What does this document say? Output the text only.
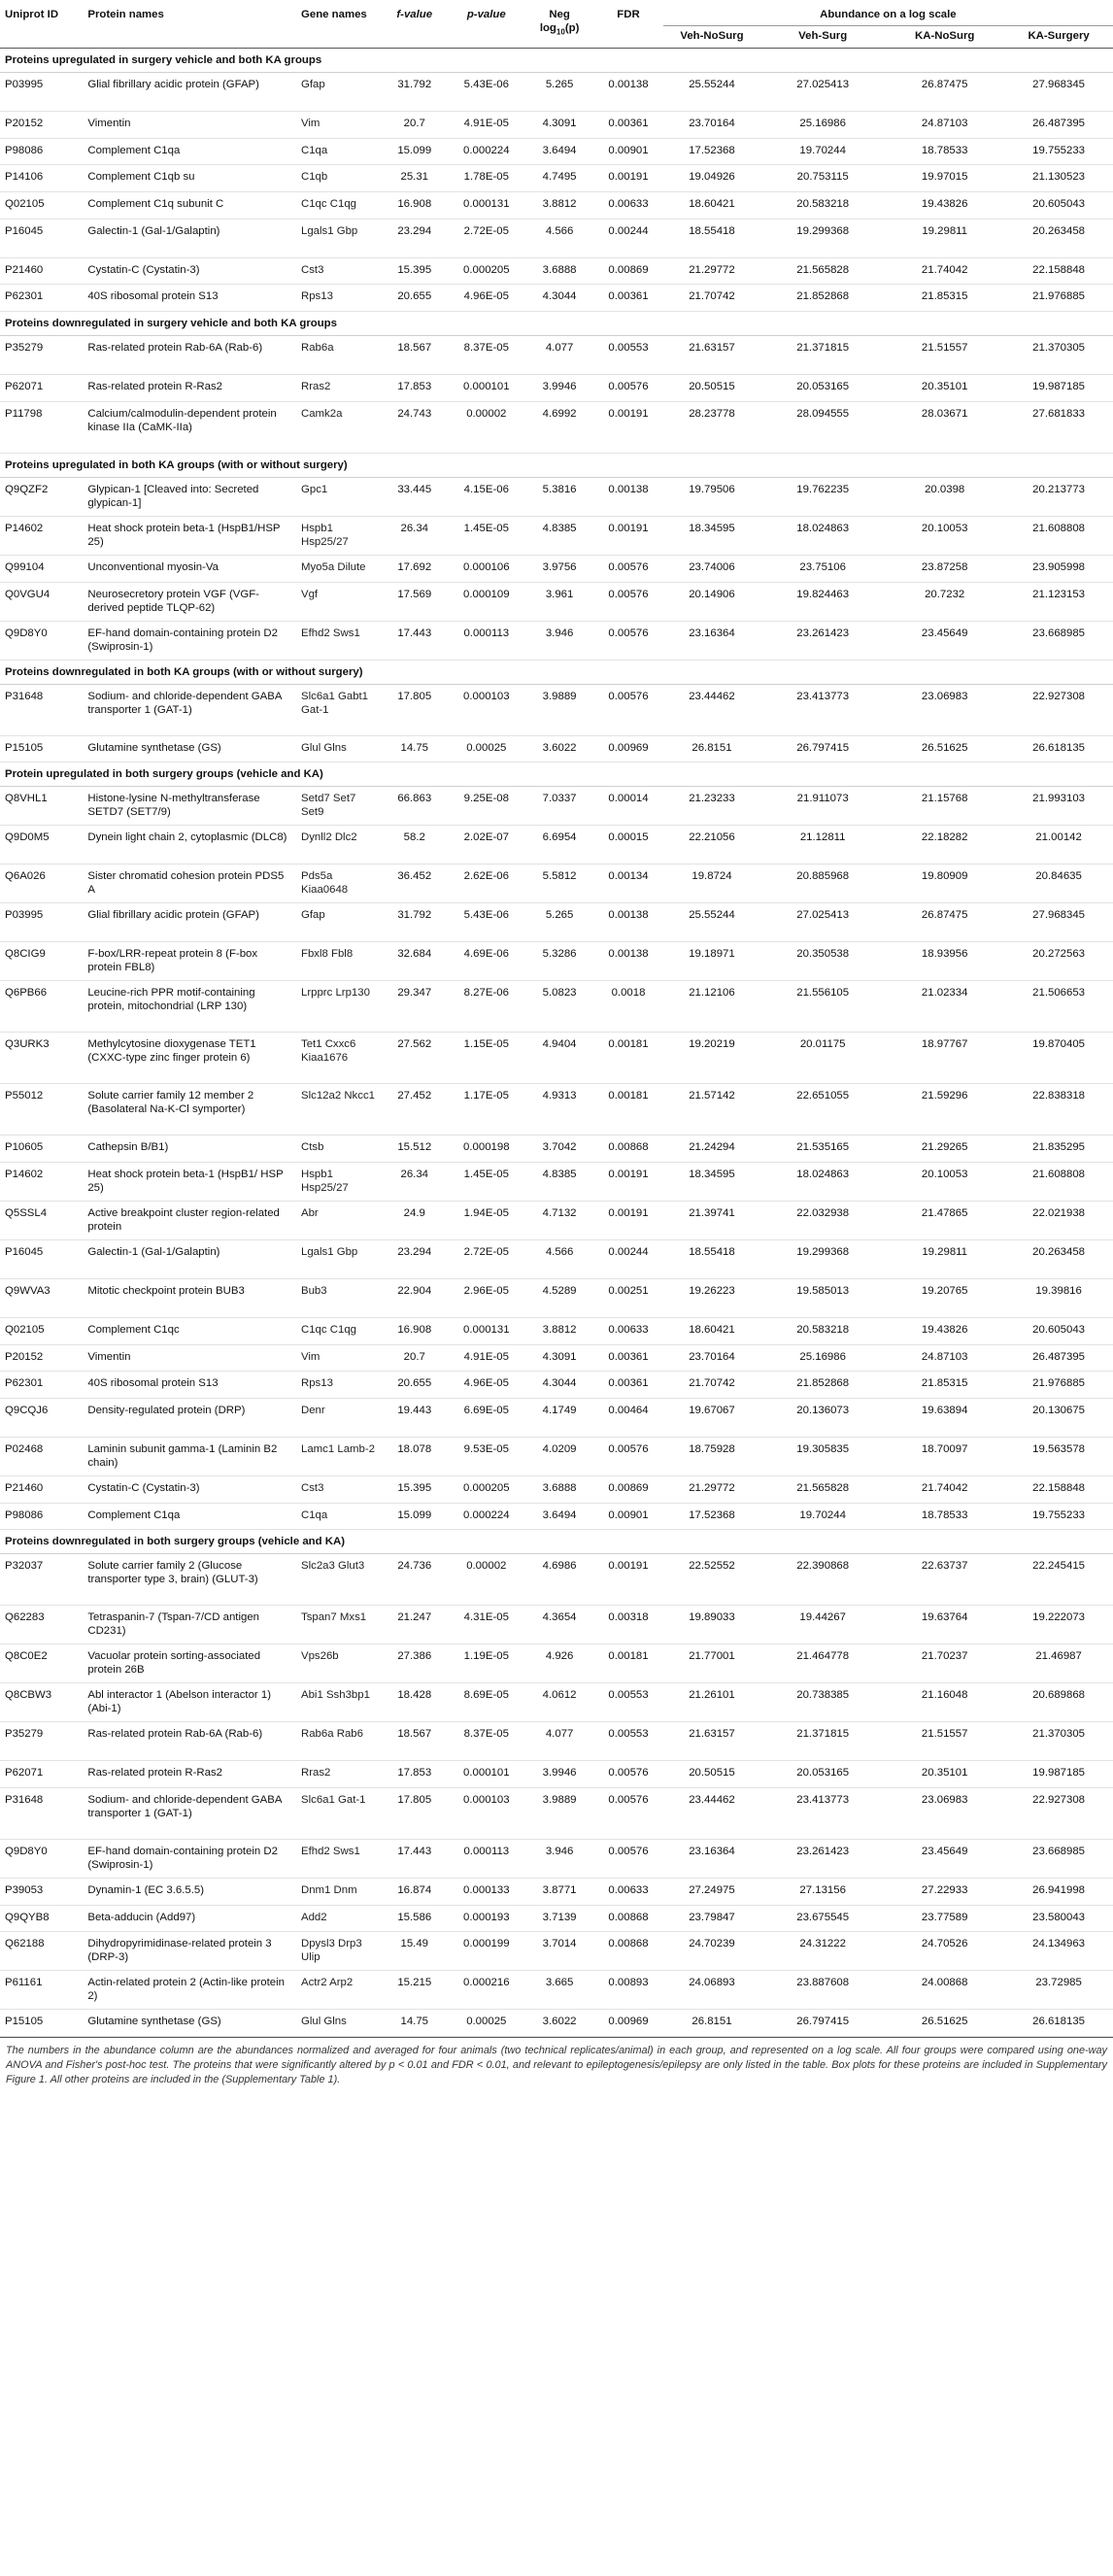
Uniprot ID	Protein names	Gene names	f-value	p-value	Neg $\log_{10}(p)$	FDR	Abundance on a log scale			
							Veh-NoSurg	Veh-Surg	KA-NoSurg	KA-Surgery
Proteins upregulated in surgery vehicle and both KA groups										
P03995	Glial fibrillary acidic protein (GFAP)	Gfap	31.792	5.43E-06	5.265	0.00138	25.55244	27.025413	26.87475	27.968345
P20152	Vimentin	Vim	20.7	4.91E-05	4.3091	0.00361	23.70164	25.16986	24.87103	26.487395
P98086	Complement C1qa	C1qa	15.099	0.000224	3.6494	0.00901	17.52368	19.70244	18.78533	19.755233
P14106	Complement C1qb su	C1qb	25.31	1.78E-05	4.7495	0.00191	19.04926	20.753115	19.97015	21.130523
Q02105	Complement C1q subunit C	C1qc C1qg	16.908	0.000131	3.8812	0.00633	18.60421	20.583218	19.43826	20.605043
P16045	Galectin-1 (Gal-1/Galaptin)	Lgals1 Gbp	23.294	2.72E-05	4.566	0.00244	18.55418	19.299368	19.29811	20.263458
P21460	Cystatin-C (Cystatin-3)	Cst3	15.395	0.000205	3.6888	0.00869	21.29772	21.565828	21.74042	22.158848
P62301	40S ribosomal protein S13	Rps13	20.655	4.96E-05	4.3044	0.00361	21.70742	21.852868	21.85315	21.976885
Proteins downregulated in surgery vehicle and both KA groups										
P35279	Ras-related protein Rab-6A (Rab-6)	Rab6a	18.567	8.37E-05	4.077	0.00553	21.63157	21.371815	21.51557	21.370305
P62071	Ras-related protein R-Ras2	Rras2	17.853	0.000101	3.9946	0.00576	20.50515	20.053165	20.35101	19.987185
P11798	Calcium/calmodulin-dependent protein kinase IIa (CaMK-IIa)	Camk2a	24.743	0.00002	4.6992	0.00191	28.23778	28.094555	28.03671	27.681833
Proteins upregulated in both KA groups (with or without surgery)										
Q9QZF2	Glypican-1 [Cleaved into: Secreted glypican-1]	Gpc1	33.445	4.15E-06	5.3816	0.00138	19.79506	19.762235	20.0398	20.213773
P14602	Heat shock protein beta-1 (HspB1/HSP 25)	Hspb1 Hsp25/27	26.34	1.45E-05	4.8385	0.00191	18.34595	18.024863	20.10053	21.608808
Q99104	Unconventional myosin-Va	Myo5a Dilute	17.692	0.000106	3.9756	0.00576	23.74006	23.75106	23.87258	23.905998
Q0VGU4	Neurosecretory protein VGF (VGF-derived peptide TLQP-62)	Vgf	17.569	0.000109	3.961	0.00576	20.14906	19.824463	20.7232	21.123153
Q9D8Y0	EF-hand domain-containing protein D2 (Swiprosin-1)	Efhd2 Sws1	17.443	0.000113	3.946	0.00576	23.16364	23.261423	23.45649	23.668985
Proteins downregulated in both KA groups (with or without surgery)										
P31648	Sodium- and chloride-dependent GABA transporter 1 (GAT-1)	Slc6a1 Gabt1 Gat-1	17.805	0.000103	3.9889	0.00576	23.44462	23.413773	23.06983	22.927308
P15105	Glutamine synthetase (GS)	Glul Glns	14.75	0.00025	3.6022	0.00969	26.8151	26.797415	26.51625	26.618135
Protein upregulated in both surgery groups (vehicle and KA)										
Q8VHL1	Histone-lysine N-methyltransferase SETD7 (SET7/9)	Setd7 Set7 Set9	66.863	9.25E-08	7.0337	0.00014	21.23233	21.911073	21.15768	21.993103
Q9D0M5	Dynein light chain 2, cytoplasmic (DLC8)	Dynll2 Dlc2	58.2	2.02E-07	6.6954	0.00015	22.21056	21.12811	22.18282	21.00142
Q6A026	Sister chromatid cohesion protein PDS5 A	Pds5a Kiaa0648	36.452	2.62E-06	5.5812	0.00134	19.8724	20.885968	19.80909	20.84635
P03995	Glial fibrillary acidic protein (GFAP)	Gfap	31.792	5.43E-06	5.265	0.00138	25.55244	27.025413	26.87475	27.968345
Q8CIG9	F-box/LRR-repeat protein 8 (F-box protein FBL8)	Fbxl8 Fbl8	32.684	4.69E-06	5.3286	0.00138	19.18971	20.350538	18.93956	20.272563
Q6PB66	Leucine-rich PPR motif-containing protein, mitochondrial (LRP 130)	Lrpprc Lrp130	29.347	8.27E-06	5.0823	0.0018	21.12106	21.556105	21.02334	21.506653
Q3URK3	Methylcytosine dioxygenase TET1 (CXXC-type zinc finger protein 6)	Tet1 Cxxc6 Kiaa1676	27.562	1.15E-05	4.9404	0.00181	19.20219	20.01175	18.97767	19.870405
P55012	Solute carrier family 12 member 2 (Basolateral Na-K-Cl symporter)	Slc12a2 Nkcc1	27.452	1.17E-05	4.9313	0.00181	21.57142	22.651055	21.59296	22.838318
P10605	Cathepsin B/B1)	Ctsb	15.512	0.000198	3.7042	0.00868	21.24294	21.535165	21.29265	21.835295
P14602	Heat shock protein beta-1 (HspB1/ HSP 25)	Hspb1 Hsp25/27	26.34	1.45E-05	4.8385	0.00191	18.34595	18.024863	20.10053	21.608808
Q5SSL4	Active breakpoint cluster region-related protein	Abr	24.9	1.94E-05	4.7132	0.00191	21.39741	22.032938	21.47865	22.021938
P16045	Galectin-1 (Gal-1/Galaptin)	Lgals1 Gbp	23.294	2.72E-05	4.566	0.00244	18.55418	19.299368	19.29811	20.263458
Q9WVA3	Mitotic checkpoint protein BUB3	Bub3	22.904	2.96E-05	4.5289	0.00251	19.26223	19.585013	19.20765	19.39816
Q02105	Complement C1qc	C1qc C1qg	16.908	0.000131	3.8812	0.00633	18.60421	20.583218	19.43826	20.605043
P20152	Vimentin	Vim	20.7	4.91E-05	4.3091	0.00361	23.70164	25.16986	24.87103	26.487395
P62301	40S ribosomal protein S13	Rps13	20.655	4.96E-05	4.3044	0.00361	21.70742	21.852868	21.85315	21.976885
Q9CQJ6	Density-regulated protein (DRP)	Denr	19.443	6.69E-05	4.1749	0.00464	19.67067	20.136073	19.63894	20.130675
P02468	Laminin subunit gamma-1 (Laminin B2 chain)	Lamc1 Lamb-2	18.078	9.53E-05	4.0209	0.00576	18.75928	19.305835	18.70097	19.563578
P21460	Cystatin-C (Cystatin-3)	Cst3	15.395	0.000205	3.6888	0.00869	21.29772	21.565828	21.74042	22.158848
P98086	Complement C1qa	C1qa	15.099	0.000224	3.6494	0.00901	17.52368	19.70244	18.78533	19.755233
Proteins downregulated in both surgery groups (vehicle and KA)										
P32037	Solute carrier family 2 (Glucose transporter type 3, brain) (GLUT-3)	Slc2a3 Glut3	24.736	0.00002	4.6986	0.00191	22.52552	22.390868	22.63737	22.245415
Q62283	Tetraspanin-7 (Tspan-7/CD antigen CD231)	Tspan7 Mxs1	21.247	4.31E-05	4.3654	0.00318	19.89033	19.44267	19.63764	19.222073
Q8C0E2	Vacuolar protein sorting-associated protein 26B	Vps26b	27.386	1.19E-05	4.926	0.00181	21.77001	21.464778	21.70237	21.46987
Q8CBW3	Abl interactor 1 (Abelson interactor 1) (Abi-1)	Abi1 Ssh3bp1	18.428	8.69E-05	4.0612	0.00553	21.26101	20.738385	21.16048	20.689868
P35279	Ras-related protein Rab-6A (Rab-6)	Rab6a Rab6	18.567	8.37E-05	4.077	0.00553	21.63157	21.371815	21.51557	21.370305
P62071	Ras-related protein R-Ras2	Rras2	17.853	0.000101	3.9946	0.00576	20.50515	20.053165	20.35101	19.987185
P31648	Sodium- and chloride-dependent GABA transporter 1 (GAT-1)	Slc6a1 Gat-1	17.805	0.000103	3.9889	0.00576	23.44462	23.413773	23.06983	22.927308
Q9D8Y0	EF-hand domain-containing protein D2 (Swiprosin-1)	Efhd2 Sws1	17.443	0.000113	3.946	0.00576	23.16364	23.261423	23.45649	23.668985
P39053	Dynamin-1 (EC 3.6.5.5)	Dnm1 Dnm	16.874	0.000133	3.8771	0.00633	27.24975	27.13156	27.22933	26.941998
Q9QYB8	Beta-adducin (Add97)	Add2	15.586	0.000193	3.7139	0.00868	23.79847	23.675545	23.77589	23.580043
Q62188	Dihydropyrimidinase-related protein 3 (DRP-3)	Dpysl3 Drp3 Ulip	15.49	0.000199	3.7014	0.00868	24.70239	24.31222	24.70526	24.134963
P61161	Actin-related protein 2 (Actin-like protein 2)	Actr2 Arp2	15.215	0.000216	3.665	0.00893	24.06893	23.887608	24.00868	23.72985
P15105	Glutamine synthetase (GS)	Glul Glns	14.75	0.00025	3.6022	0.00969	26.8151	26.797415	26.51625	26.618135
The numbers in the abundance column are the abundances normalized and averaged for four animals (two technical replicates/animal) in each group, and represented on a log scale. All four groups were compared using one-way ANOVA and Fisher's post-hoc test. The proteins that were significantly altered by p < 0.01 and FDR < 0.01, and relevant to epileptogenesis/epilepsy are only listed in the table. Box plots for these proteins are included in Supplementary Figure 1. All other proteins are included in the (Supplementary Table 1).
